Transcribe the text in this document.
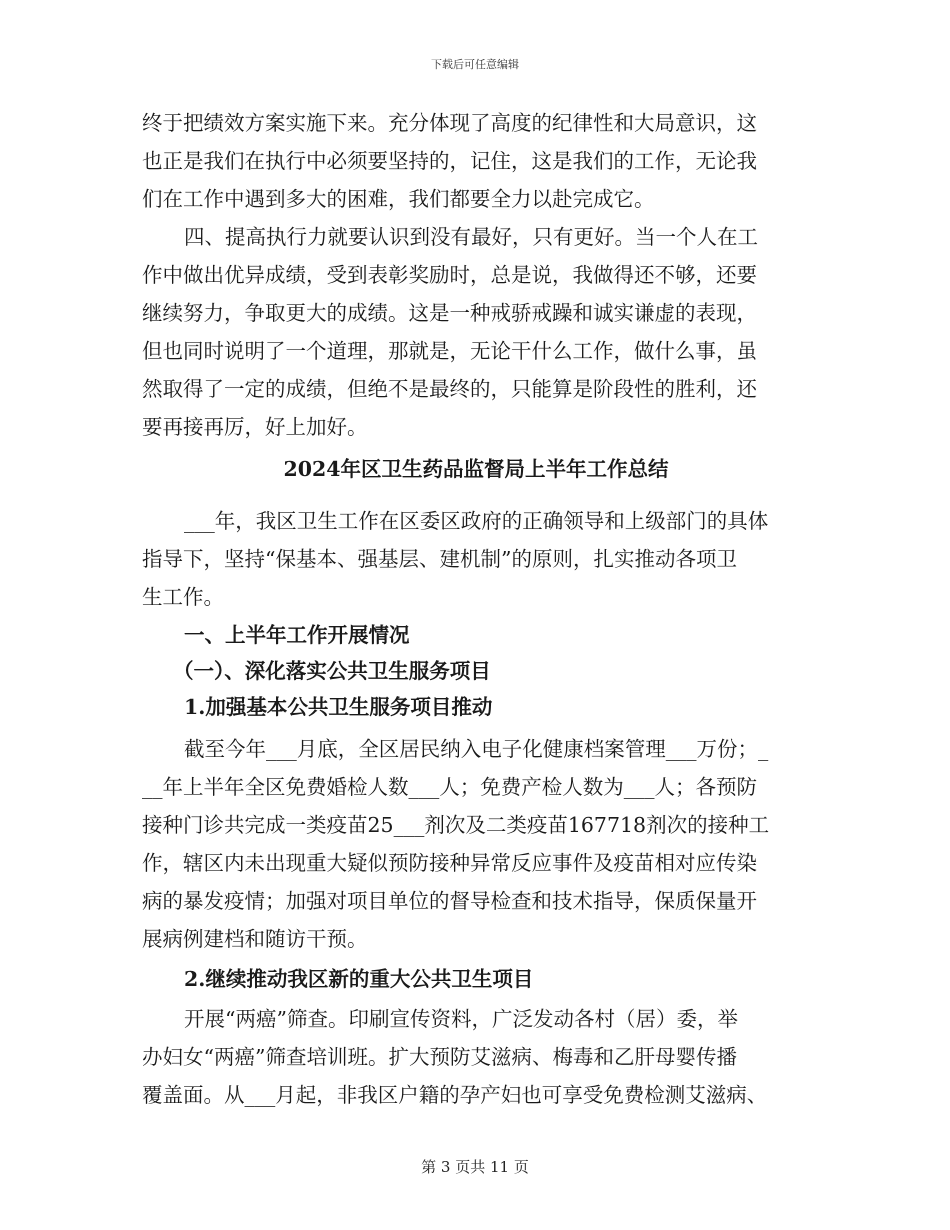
下载后可任意编辑
终于把绩效方案实施下来。充分体现了高度的纪律性和大局意识，这
也正是我们在执行中必须要坚持的，记住，这是我们的工作，无论我
们在工作中遇到多大的困难，我们都要全力以赴完成它。
四、提高执行力就要认识到没有最好，只有更好。当一个人在工
作中做出优异成绩，受到表彰奖励时，总是说，我做得还不够，还要
继续努力，争取更大的成绩。这是一种戒骄戒躁和诚实谦虚的表现，
但也同时说明了一个道理，那就是，无论干什么工作，做什么事，虽
然取得了一定的成绩，但绝不是最终的，只能算是阶段性的胜利，还
要再接再厉，好上加好。
2024年区卫生药品监督局上半年工作总结
___年，我区卫生工作在区委区政府的正确领导和上级部门的具体
指导下，坚持“保基本、强基层、建机制”的原则，扎实推动各项卫
生工作。
一、上半年工作开展情况
（一）、深化落实公共卫生服务项目
1.加强基本公共卫生服务项目推动
截至今年___月底，全区居民纳入电子化健康档案管理___万份；_
__年上半年全区免费婚检人数___人；免费产检人数为___人；各预防
接种门诊共完成一类疫苗25___剂次及二类疫苗167718剂次的接种工
作，辖区内未出现重大疑似预防接种异常反应事件及疫苗相对应传染
病的暴发疫情；加强对项目单位的督导检查和技术指导，保质保量开
展病例建档和随访干预。
2.继续推动我区新的重大公共卫生项目
开展“两癌”筛查。印刷宣传资料，广泛发动各村（居）委，举
办妇女“两癌”筛查培训班。扩大预防艾滋病、梅毒和乙肝母婴传播
覆盖面。从___月起，非我区户籍的孕产妇也可享受免费检测艾滋病、
第 3 页共 11 页
